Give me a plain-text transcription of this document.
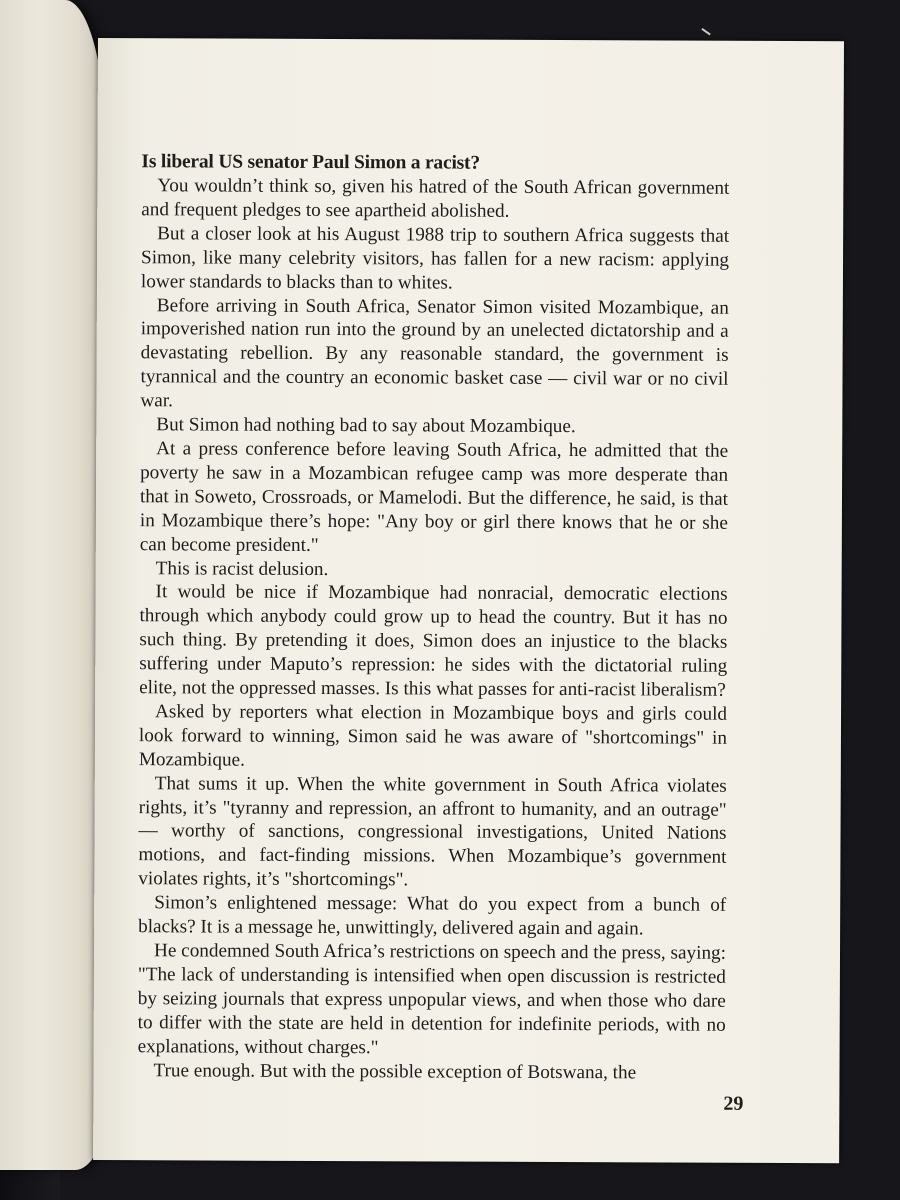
Is liberal US senator Paul Simon a racist?

You wouldn’t think so, given his hatred of the South African government and frequent pledges to see apartheid abolished.

But a closer look at his August 1988 trip to southern Africa suggests that Simon, like many celebrity visitors, has fallen for a new racism: applying lower standards to blacks than to whites.

Before arriving in South Africa, Senator Simon visited Mozambique, an impoverished nation run into the ground by an unelected dictatorship and a devastating rebellion. By any reasonable standard, the government is tyrannical and the country an economic basket case — civil war or no civil war.

But Simon had nothing bad to say about Mozambique.

At a press conference before leaving South Africa, he admitted that the poverty he saw in a Mozambican refugee camp was more desperate than that in Soweto, Crossroads, or Mamelodi. But the difference, he said, is that in Mozambique there’s hope: "Any boy or girl there knows that he or she can become president."

This is racist delusion.

It would be nice if Mozambique had nonracial, democratic elections through which anybody could grow up to head the country. But it has no such thing. By pretending it does, Simon does an injustice to the blacks suffering under Maputo’s repression: he sides with the dictatorial ruling elite, not the oppressed masses. Is this what passes for anti-racist liberalism?

Asked by reporters what election in Mozambique boys and girls could look forward to winning, Simon said he was aware of "shortcomings" in Mozambique.

That sums it up. When the white government in South Africa violates rights, it’s "tyranny and repression, an affront to humanity, and an outrage" — worthy of sanctions, congressional investigations, United Nations motions, and fact-finding missions. When Mozambique’s government violates rights, it’s "shortcomings".

Simon’s enlightened message: What do you expect from a bunch of blacks? It is a message he, unwittingly, delivered again and again.

He condemned South Africa’s restrictions on speech and the press, saying: "The lack of understanding is intensified when open discussion is restricted by seizing journals that express unpopular views, and when those who dare to differ with the state are held in detention for indefinite periods, with no explanations, without charges."

True enough. But with the possible exception of Botswana, the

29
